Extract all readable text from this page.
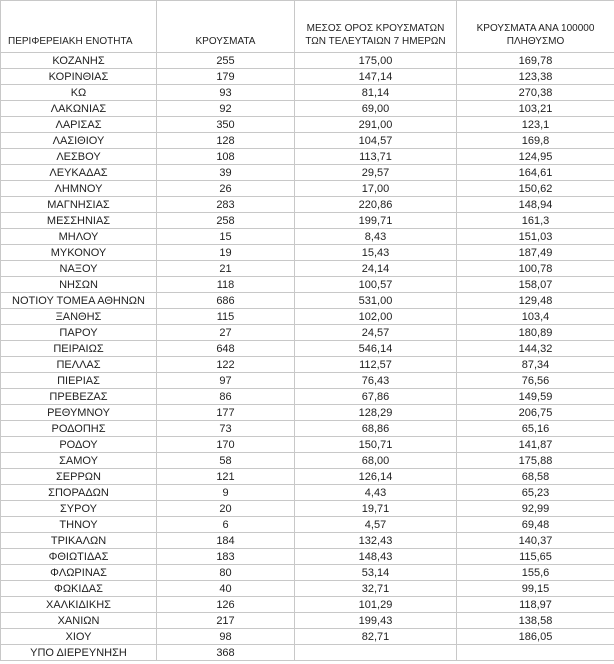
ΠΕΡΙΦΕΡΕΙΑΚΗ ΕΝΟΤΗΤΑ	ΚΡΟΥΣΜΑΤΑ	ΜΕΣΟΣ ΟΡΟΣ ΚΡΟΥΣΜΑΤΩΝ ΤΩΝ ΤΕΛΕΥΤΑΙΩΝ 7 ΗΜΕΡΩΝ	ΚΡΟΥΣΜΑΤΑ ΑΝΑ 100000 ΠΛΗΘΥΣΜΟ
ΚΟΖΑΝΗΣ	255	175,00	169,78
ΚΟΡΙΝΘΙΑΣ	179	147,14	123,38
ΚΩ	93	81,14	270,38
ΛΑΚΩΝΙΑΣ	92	69,00	103,21
ΛΑΡΙΣΑΣ	350	291,00	123,1
ΛΑΣΙΘΙΟΥ	128	104,57	169,8
ΛΕΣΒΟΥ	108	113,71	124,95
ΛΕΥΚΑΔΑΣ	39	29,57	164,61
ΛΗΜΝΟΥ	26	17,00	150,62
ΜΑΓΝΗΣΙΑΣ	283	220,86	148,94
ΜΕΣΣΗΝΙΑΣ	258	199,71	161,3
ΜΗΛΟΥ	15	8,43	151,03
ΜΥΚΟΝΟΥ	19	15,43	187,49
ΝΑΞΟΥ	21	24,14	100,78
ΝΗΣΩΝ	118	100,57	158,07
ΝΟΤΙΟΥ ΤΟΜΕΑ ΑΘΗΝΩΝ	686	531,00	129,48
ΞΑΝΘΗΣ	115	102,00	103,4
ΠΑΡΟΥ	27	24,57	180,89
ΠΕΙΡΑΙΩΣ	648	546,14	144,32
ΠΕΛΛΑΣ	122	112,57	87,34
ΠΙΕΡΙΑΣ	97	76,43	76,56
ΠΡΕΒΕΖΑΣ	86	67,86	149,59
ΡΕΘΥΜΝΟΥ	177	128,29	206,75
ΡΟΔΟΠΗΣ	73	68,86	65,16
ΡΟΔΟΥ	170	150,71	141,87
ΣΑΜΟΥ	58	68,00	175,88
ΣΕΡΡΩΝ	121	126,14	68,58
ΣΠΟΡΑΔΩΝ	9	4,43	65,23
ΣΥΡΟΥ	20	19,71	92,99
ΤΗΝΟΥ	6	4,57	69,48
ΤΡΙΚΑΛΩΝ	184	132,43	140,37
ΦΘΙΩΤΙΔΑΣ	183	148,43	115,65
ΦΛΩΡΙΝΑΣ	80	53,14	155,6
ΦΩΚΙΔΑΣ	40	32,71	99,15
ΧΑΛΚΙΔΙΚΗΣ	126	101,29	118,97
ΧΑΝΙΩΝ	217	199,43	138,58
ΧΙΟΥ	98	82,71	186,05
ΥΠΟ ΔΙΕΡΕΥΝΗΣΗ	368		
